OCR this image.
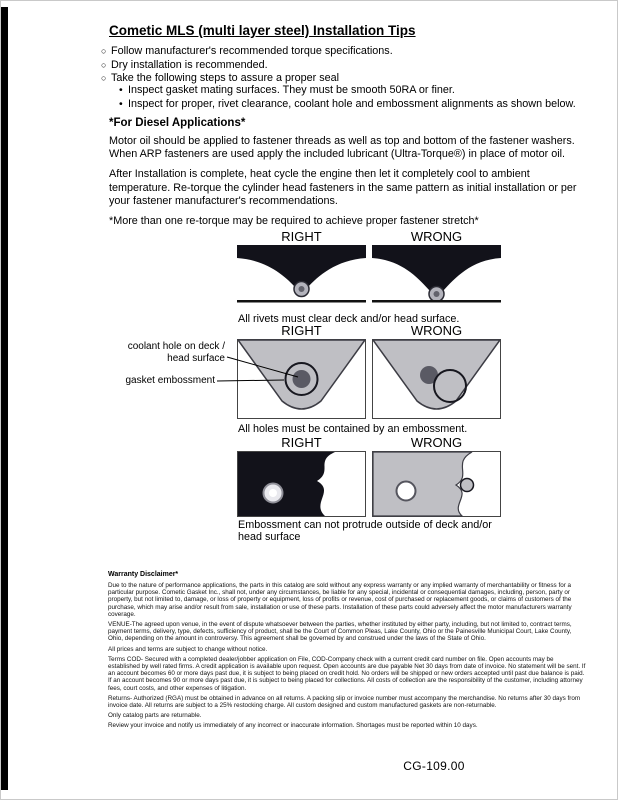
Cometic MLS (multi layer steel) Installation Tips
○ Follow manufacturer's recommended torque specifications.
○ Dry installation is recommended.
○ Take the following steps to assure a proper seal
• Inspect gasket mating surfaces. They must be smooth 50RA or finer.
• Inspect for proper, rivet clearance, coolant hole and embossment alignments as shown below.
*For Diesel Applications*
Motor oil should be applied to fastener threads as well as top and bottom of the fastener washers. When ARP fasteners are used apply the included lubricant (Ultra-Torque®) in place of motor oil.
After Installation is complete, heat cycle the engine then let it completely cool to ambient temperature. Re-torque the cylinder head fasteners in the same pattern as initial installation or per your fastener manufacturer's recommendations.
*More than one re-torque may be required to achieve proper fastener stretch*
RIGHT	WRONG
All rivets must clear deck and/or head surface.
RIGHT	WRONG
coolant hole on deck / head surface
gasket embossment
All holes must be contained by an embossment.
RIGHT	WRONG
Embossment can not protrude outside of deck and/or head surface
Warranty Disclaimer*
Due to the nature of performance applications, the parts in this catalog are sold without any express warranty or any implied warranty of merchantability or fitness for a particular purpose. Cometic Gasket Inc., shall not, under any circumstances, be liable for any special, incidental or consequential damages, including, person, party or property, but not limited to, damage, or loss of property or equipment, loss of profits or revenue, cost of purchased or replacement goods, or claims of customers of the purchase, which may arise and/or result from sale, installation or use of these parts. Installation of these parts could adversely affect the motor manufacturers warranty coverage.
VENUE-The agreed upon venue, in the event of dispute whatsoever between the parties, whether instituted by either party, including, but not limited to, contract terms, payment terms, delivery, type, defects, sufficiency of product, shall be the Court of Common Pleas, Lake County, Ohio or the Painesville Municipal Court, Lake County, Ohio, depending on the amount in controversy. This agreement shall be governed by and construed under the laws of the State of Ohio.
All prices and terms are subject to change without notice.
Terms COD- Secured with a completed dealer/jobber application on File, COD-Company check with a current credit card number on file. Open accounts may be established by well rated firms. A credit application is available upon request. Open accounts are due payable Net 30 days from date of invoice. No statement will be sent. If an account becomes 60 or more days past due, it is subject to being placed on credit hold. No orders will be shipped or new orders accepted until past due balance is paid. If an account becomes 90 or more days past due, it is subject to being placed for collections. All costs of collection are the responsibility of the customer, including attorney fees, court costs, and other expenses of litigation.
Returns- Authorized (RGA) must be obtained in advance on all returns. A packing slip or invoice number must accompany the merchandise. No returns after 30 days from invoice date. All returns are subject to a 25% restocking charge. All custom designed and custom manufactured gaskets are non-returnable.
Only catalog parts are returnable.
Review your invoice and notify us immediately of any incorrect or inaccurate information. Shortages must be reported within 10 days.
CG-109.00
